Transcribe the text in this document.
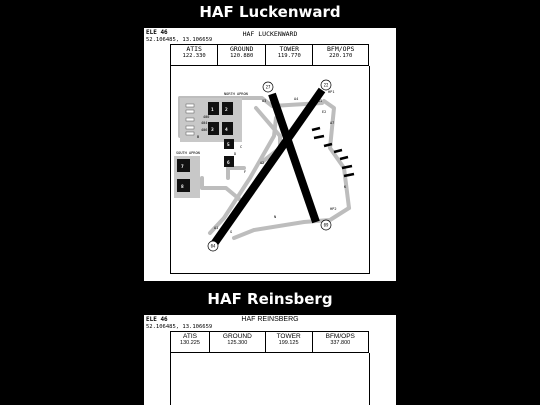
HAF Luckenward
ELE 46
52.106485, 13.106659
HAF LUCKENWARD
ATIS
122.330

GROUND
120.880

TOWER
119.770

BFM/OPS
220.170
400
404
406
1	2
3	4
5
6
7
8
27	22
04
09
NORTH APRON
SOUTH APRON
HP1
HP2
A3	A4	A5
E2
A6
A2
A1
A7
B
C
D
F
N
G
K
HAF Reinsberg
ELE 46
52.106485, 13.106659
HAF REINSBERG
ATIS
130.225

GROUND
125.300

TOWER
199.125

BFM/OPS
337.800
